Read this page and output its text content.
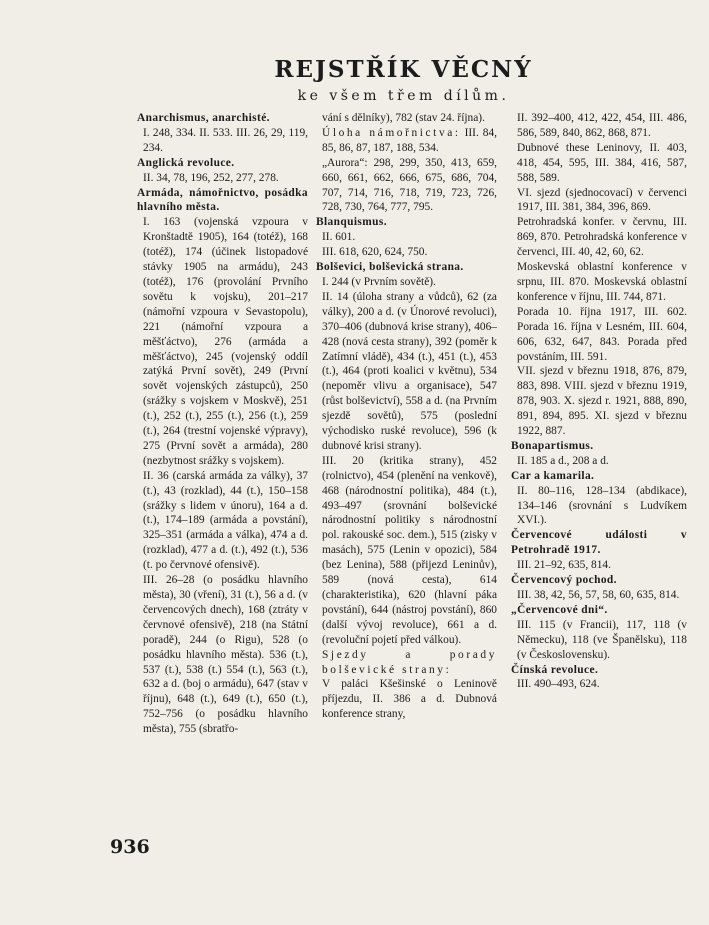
REJSTŘÍK VĚCNÝ

ke všem třem dílům.

Anarchismus, anarchisté.

I. 248, 334. II. 533. III. 26, 29, 119, 234.

Anglická revoluce.

II. 34, 78, 196, 252, 277, 278.

Armáda, námořnictvo, posádka hlavního města.

I. 163 (vojenská vzpoura v Kronštadtě 1905), 164 (totéž), 168 (totéž), 174 (účinek listopadové stávky 1905 na armádu), 243 (totéž), 176 (provolání Prvního sovětu k vojsku), 201–217 (námořní vzpoura v Sevastopolu), 221 (námořní vzpoura a měšťáctvo), 276 (armáda a měšťáctvo), 245 (vojenský oddíl zatýká První sovět), 249 (První sovět vojenských zástupců), 250 (srážky s vojskem v Moskvě), 251 (t.), 252 (t.), 255 (t.), 256 (t.), 259 (t.), 264 (trestní vojenské výpravy), 275 (První sovět a armáda), 280 (nezbytnost srážky s vojskem).

II. 36 (carská armáda za války), 37 (t.), 43 (rozklad), 44 (t.), 150–158 (srážky s lidem v únoru), 164 a d. (t.), 174–189 (armáda a povstání), 325–351 (armáda a válka), 474 a d. (rozklad), 477 a d. (t.), 492 (t.), 536 (t. po červnové ofensivě).

III. 26–28 (o posádku hlavního města), 30 (vření), 31 (t.), 56 a d. (v červencových dnech), 168 (ztráty v červnové ofensivě), 218 (na Státní poradě), 244 (o Rigu), 528 (o posádku hlavního města). 536 (t.), 537 (t.), 538 (t.) 554 (t.), 563 (t.), 632 a d. (boj o armádu), 647 (stav v říjnu), 648 (t.), 649 (t.), 650 (t.), 752–756 (o posádku hlavního města), 755 (sbratřo-

vání s dělníky), 782 (stav 24. října).

Úloha námořnictva: III. 84, 85, 86, 87, 187, 188, 534.

„Aurora“: 298, 299, 350, 413, 659, 660, 661, 662, 666, 675, 686, 704, 707, 714, 716, 718, 719, 723, 726, 728, 730, 764, 777, 795.

Blanquismus.

II. 601.

III. 618, 620, 624, 750.

Bolševici, bolševická strana.

I. 244 (v Prvním sovětě).

II. 14 (úloha strany a vůdců), 62 (za války), 200 a d. (v Únorové revoluci), 370–406 (dubnová krise strany), 406–428 (nová cesta strany), 392 (poměr k Zatímní vládě), 434 (t.), 451 (t.), 453 (t.), 464 (proti koalici v květnu), 534 (nepoměr vlivu a organisace), 547 (růst bolševictví), 558 a d. (na Prvním sjezdě sovětů), 575 (poslední východisko ruské revoluce), 596 (k dubnové krisi strany).

III. 20 (kritika strany), 452 (rolnictvo), 454 (plenění na venkově), 468 (národnostní politika), 484 (t.), 493–497 (srovnání bolševické národnostní politiky s národnostní pol. rakouské soc. dem.), 515 (zisky v masách), 575 (Lenin v opozici), 584 (bez Lenina), 588 (přijezd Leninův), 589 (nová cesta), 614 (charakteristika), 620 (hlavní páka povstání), 644 (nástroj povstání), 860 (další vývoj revoluce), 661 a d. (revoluční pojetí před válkou).

Sjezdy a porady bolševické strany:

V paláci Kšešinské o Leninově příjezdu, II. 386 a d. Dubnová konference strany,

II. 392–400, 412, 422, 454, III. 486, 586, 589, 840, 862, 868, 871.

Dubnové these Leninovy, II. 403, 418, 454, 595, III. 384, 416, 587, 588, 589.

VI. sjezd (sjednocovací) v červenci 1917, III. 381, 384, 396, 869.

Petrohradská konfer. v červnu, III. 869, 870. Petrohradská konference v červenci, III. 40, 42, 60, 62.

Moskevská oblastní konference v srpnu, III. 870. Moskevská oblastní konference v říjnu, III. 744, 871.

Porada 10. října 1917, III. 602. Porada 16. října v Lesném, III. 604, 606, 632, 647, 843. Porada před povstáním, III. 591.

VII. sjezd v březnu 1918, 876, 879, 883, 898. VIII. sjezd v březnu 1919, 878, 903. X. sjezd r. 1921, 888, 890, 891, 894, 895. XI. sjezd v březnu 1922, 887.

Bonapartismus.

II. 185 a d., 208 a d.

Car a kamarila.

II. 80–116, 128–134 (abdikace), 134–146 (srovnání s Ludvíkem XVI.).

Červencové události v Petrohradě 1917.

III. 21–92, 635, 814.

Červencový pochod.

III. 38, 42, 56, 57, 58, 60, 635, 814.

„Červencové dni“.

III. 115 (v Francii), 117, 118 (v Německu), 118 (ve Španělsku), 118 (v Československu).

Čínská revoluce.

III. 490–493, 624.

936
